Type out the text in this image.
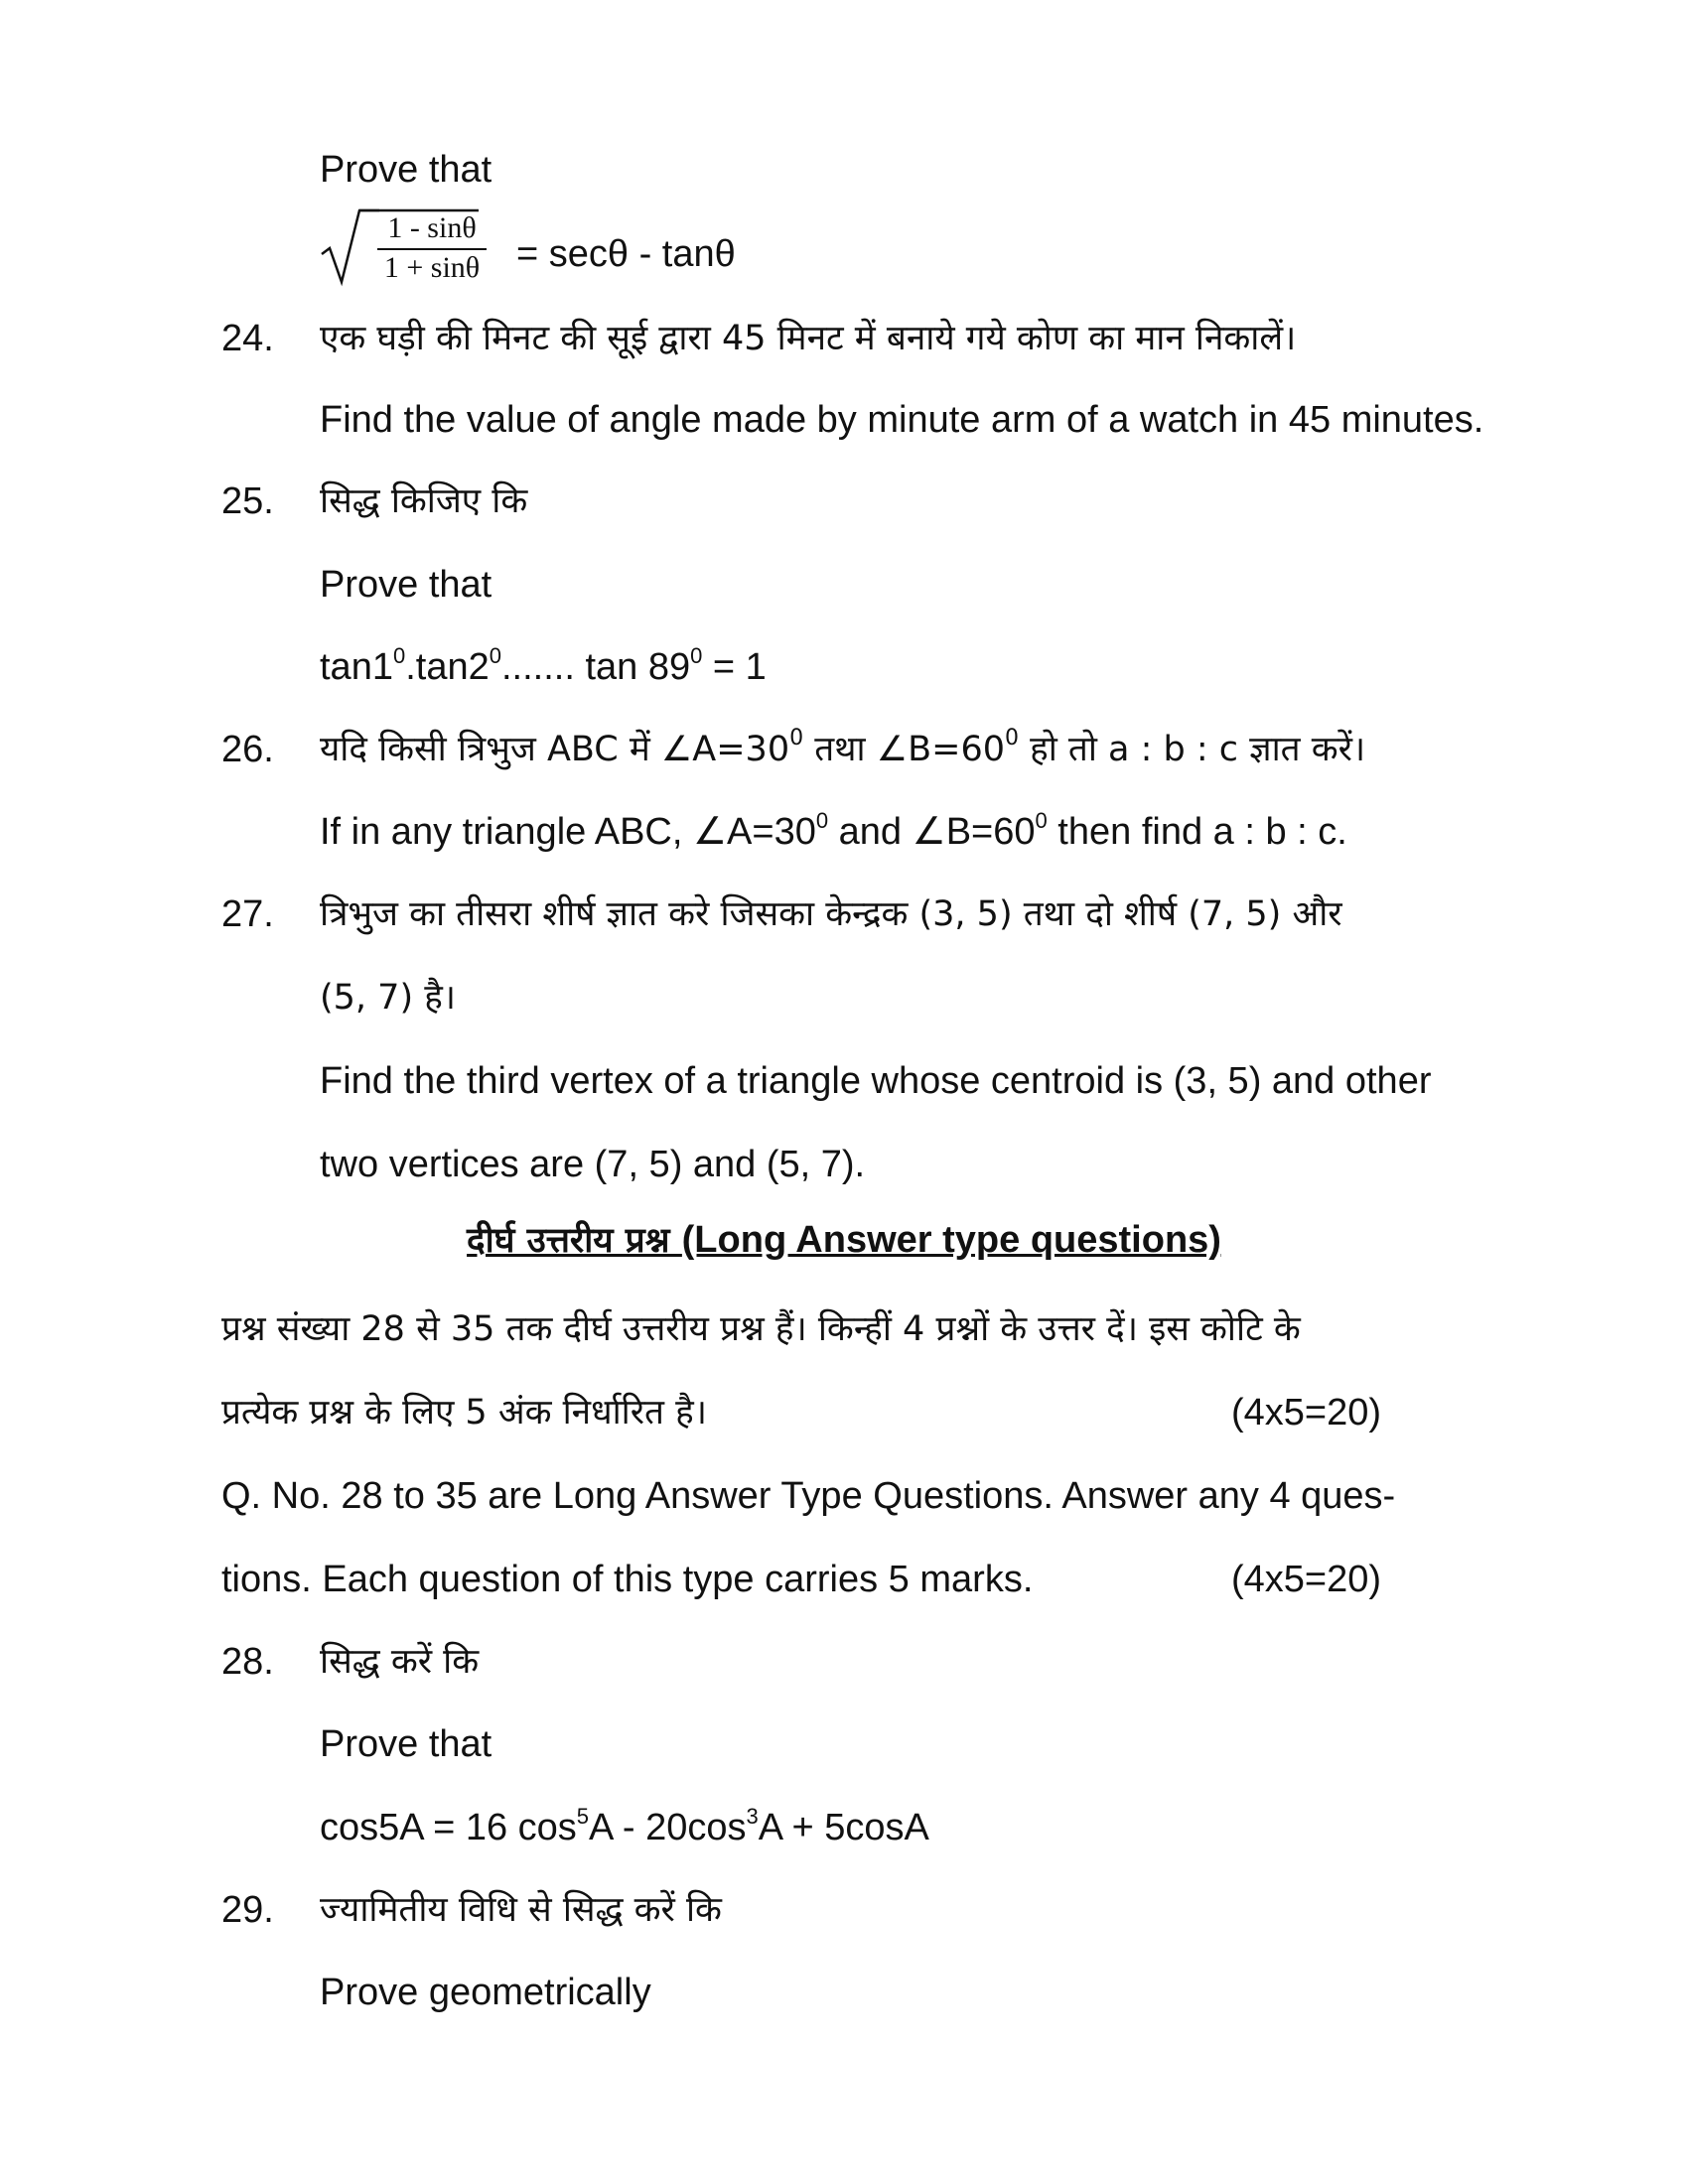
Prove that
$\frac{1 - \sin\theta}{1 + \sin\theta} = \sec\theta - \tan\theta$
24. एक घड़ी की मिनट की सूई द्वारा 45 मिनट में बनाये गये कोण का मान निकालें।
Find the value of angle made by minute arm of a watch in 45 minutes.
25. सिद्ध किजिए कि
Prove that
$\tan 1^0.\tan 2^0$....... $\tan 89^0 = 1$
26. यदि किसी त्रिभुज ABC में $\angle A=30^0$ तथा $\angle B=60^0$ हो तो a : b : c ज्ञात करें।
If in any triangle ABC, $\angle A=30^0$ and $\angle B=60^0$ then find a : b : c.
27. त्रिभुज का तीसरा शीर्ष ज्ञात करे जिसका केन्द्रक (3, 5) तथा दो शीर्ष (7, 5) और
(5, 7) है।
Find the third vertex of a triangle whose centroid is (3, 5) and other
two vertices are (7, 5) and (5, 7).
दीर्घ उत्तरीय प्रश्न (Long Answer type questions)
प्रश्न संख्या 28 से 35 तक दीर्घ उत्तरीय प्रश्न हैं। किन्हीं 4 प्रश्नों के उत्तर दें। इस कोटि के
प्रत्येक प्रश्न के लिए 5 अंक निर्धारित है।	(4x5=20)
Q. No. 28 to 35 are Long Answer Type Questions. Answer any 4 ques-
tions. Each question of this type carries 5 marks.	(4x5=20)
28. सिद्ध करें कि
Prove that
cos5A = 16 $\cos^5A - 20\cos^3A + 5\cos A$
29. ज्यामितीय विधि से सिद्ध करें कि
Prove geometrically
